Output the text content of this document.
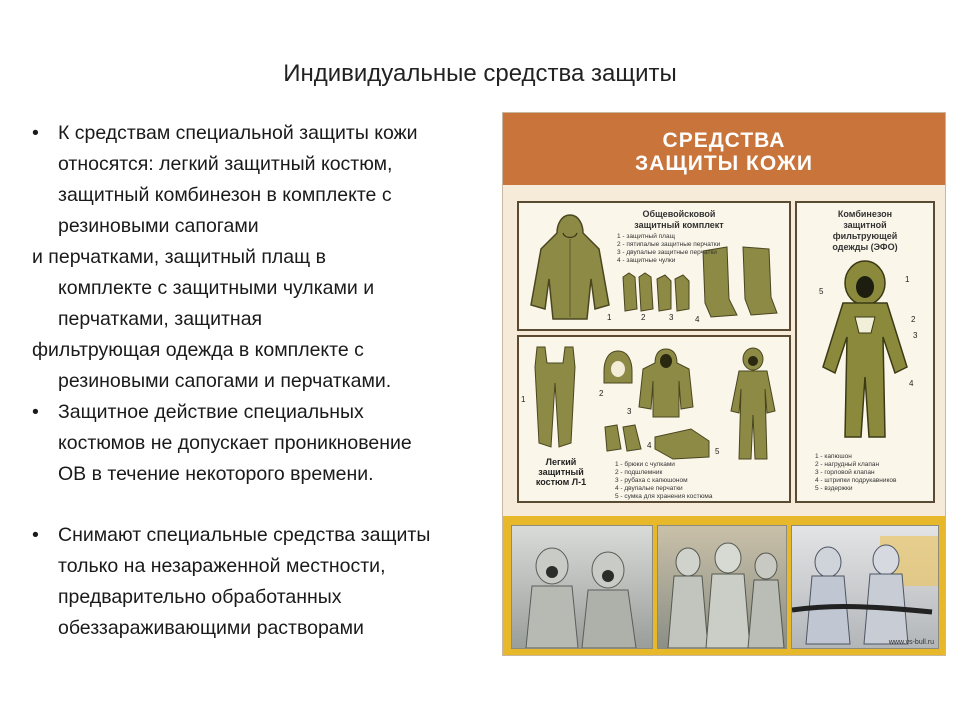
Индивидуальные средства защиты
• К средствам специальной защиты кожи
относятся: легкий защитный костюм,
защитный комбинезон в комплекте с
резиновыми сапогами
и перчатками, защитный плащ в
комплекте с защитными чулками и
перчатками, защитная
фильтрующая одежда в комплекте с
резиновыми сапогами и перчатками.
• Защитное действие специальных
костюмов не допускает проникновение
ОВ в течение некоторого времени.
• Снимают специальные средства защиты
только на незараженной местности,
предварительно обработанных
обеззараживающими растворами
СРЕДСТВА
ЗАЩИТЫ КОЖИ
Общевойсковой
защитный комплект
1 - защитный плащ
2 - пятипалые защитные перчатки
3 - двупалые защитные перчатки
4 - защитные чулки
1	2	3	4
Комбинезон
защитной
фильтрующей
одежды (ЭФО)
1
2
3
4
5
1 - капюшон
2 - нагрудный клапан
3 - горловой клапан
4 - штрипки подрукавников
5 - вздержки
Легкий
защитный
костюм Л-1
1 - брюки с чулками
2 - подшлемник
3 - рубаха с капюшоном
4 - двупалые перчатки
5 - сумка для хранения костюма
1
2
3
4
5
www.vs-bull.ru
